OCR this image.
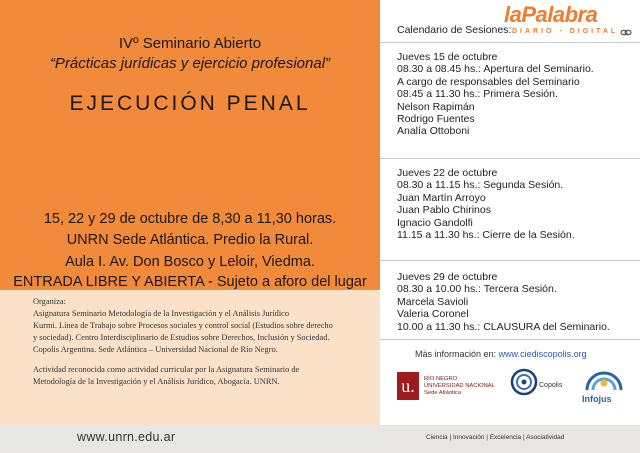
IVº Seminario Abierto
“Prácticas jurídicas y ejercicio profesional”
EJECUCIÓN PENAL
15, 22 y 29 de octubre de 8,30 a 11,30 horas.
UNRN Sede Atlántica. Predio la Rural.
Aula I. Av. Don Bosco y Leloir, Viedma.
ENTRADA LIBRE Y ABIERTA - Sujeto a aforo del lugar
Organiza:
Asignatura Seminario Metodología de la Investigación y el Análisis Jurídico
Kurmi. Línea de Trabajo sobre Procesos sociales y control social (Estudios sobre derecho
y sociedad). Centro Interdisciplinario de Estudios sobre Derechos, Inclusión y Sociedad.
Copolis Argentina. Sede Atlántica – Universidad Nacional de Río Negro.
Actividad reconocida como actividad curricular por la Asignatura Seminario de
Metodología de la Investigación y el Análisis Jurídico, Abogacía. UNRN.
laPalabra
DIARIO · DIGITAL
Calendario de Sesiones:
Jueves 15 de octubre
08.30 a 08.45 hs.: Apertura del Seminario.
A cargo de responsables del Seminario
08.45 a 11.30 hs.: Primera Sesión.
Nelson Rapimán
Rodrigo Fuentes
Analía Ottoboni
Jueves 22 de octubre
08.30 a 11.15 hs.: Segunda Sesión.
Juan Martín Arroyo
Juan Pablo Chirinos
Ignacio Gandolfi
11.15 a 11.30 hs.: Cierre de la Sesión.
Jueves 29 de octubre
08.30 a 10.00 hs.: Tercera Sesión.
Marcela Savioli
Valeria Coronel
10.00 a 11.30 hs.: CLAUSURA del Seminario.
Más información en: www.ciediscopolis.org
u.	RÍO NEGRO
UNIVERSIDAD NACIONAL
Sede Atlántica
Copolis
Infojus
www.unrn.edu.ar	Ciencia | Innovación | Excelencia | Asociatividad
